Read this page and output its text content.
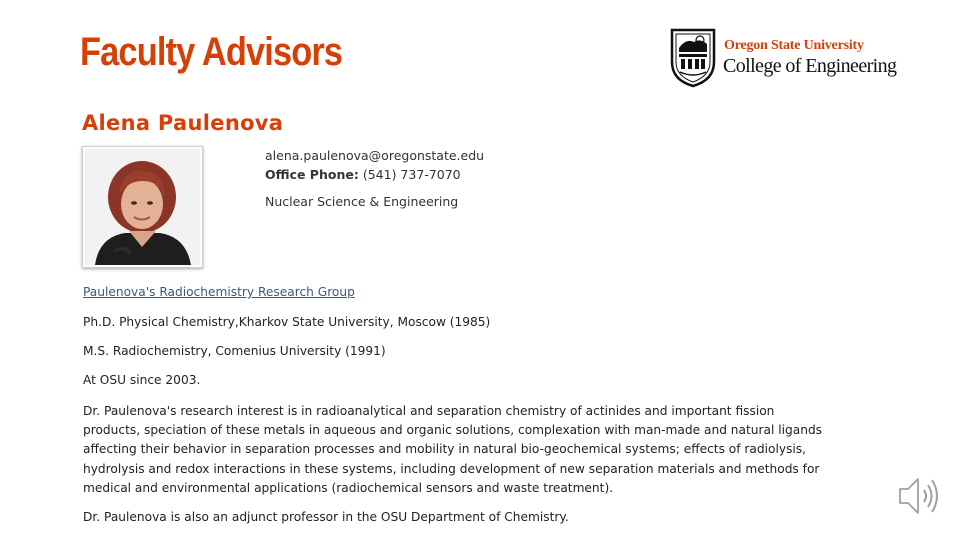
Faculty Advisors	Oregon State University
College of Engineering
Alena Paulenova
alena.paulenova@oregonstate.edu
Office Phone: (541) 737-7070
Nuclear Science & Engineering
Paulenova's Radiochemistry Research Group
Ph.D. Physical Chemistry,Kharkov State University, Moscow (1985)
M.S. Radiochemistry, Comenius University (1991)
At OSU since 2003.
Dr. Paulenova's research interest is in radioanalytical and separation chemistry of actinides and important fission products, speciation of these metals in aqueous and organic solutions, complexation with man-made and natural ligands affecting their behavior in separation processes and mobility in natural bio-geochemical systems; effects of radiolysis, hydrolysis and redox interactions in these systems, including development of new separation materials and methods for medical and environmental applications (radiochemical sensors and waste treatment).
Dr. Paulenova is also an adjunct professor in the OSU Department of Chemistry.
